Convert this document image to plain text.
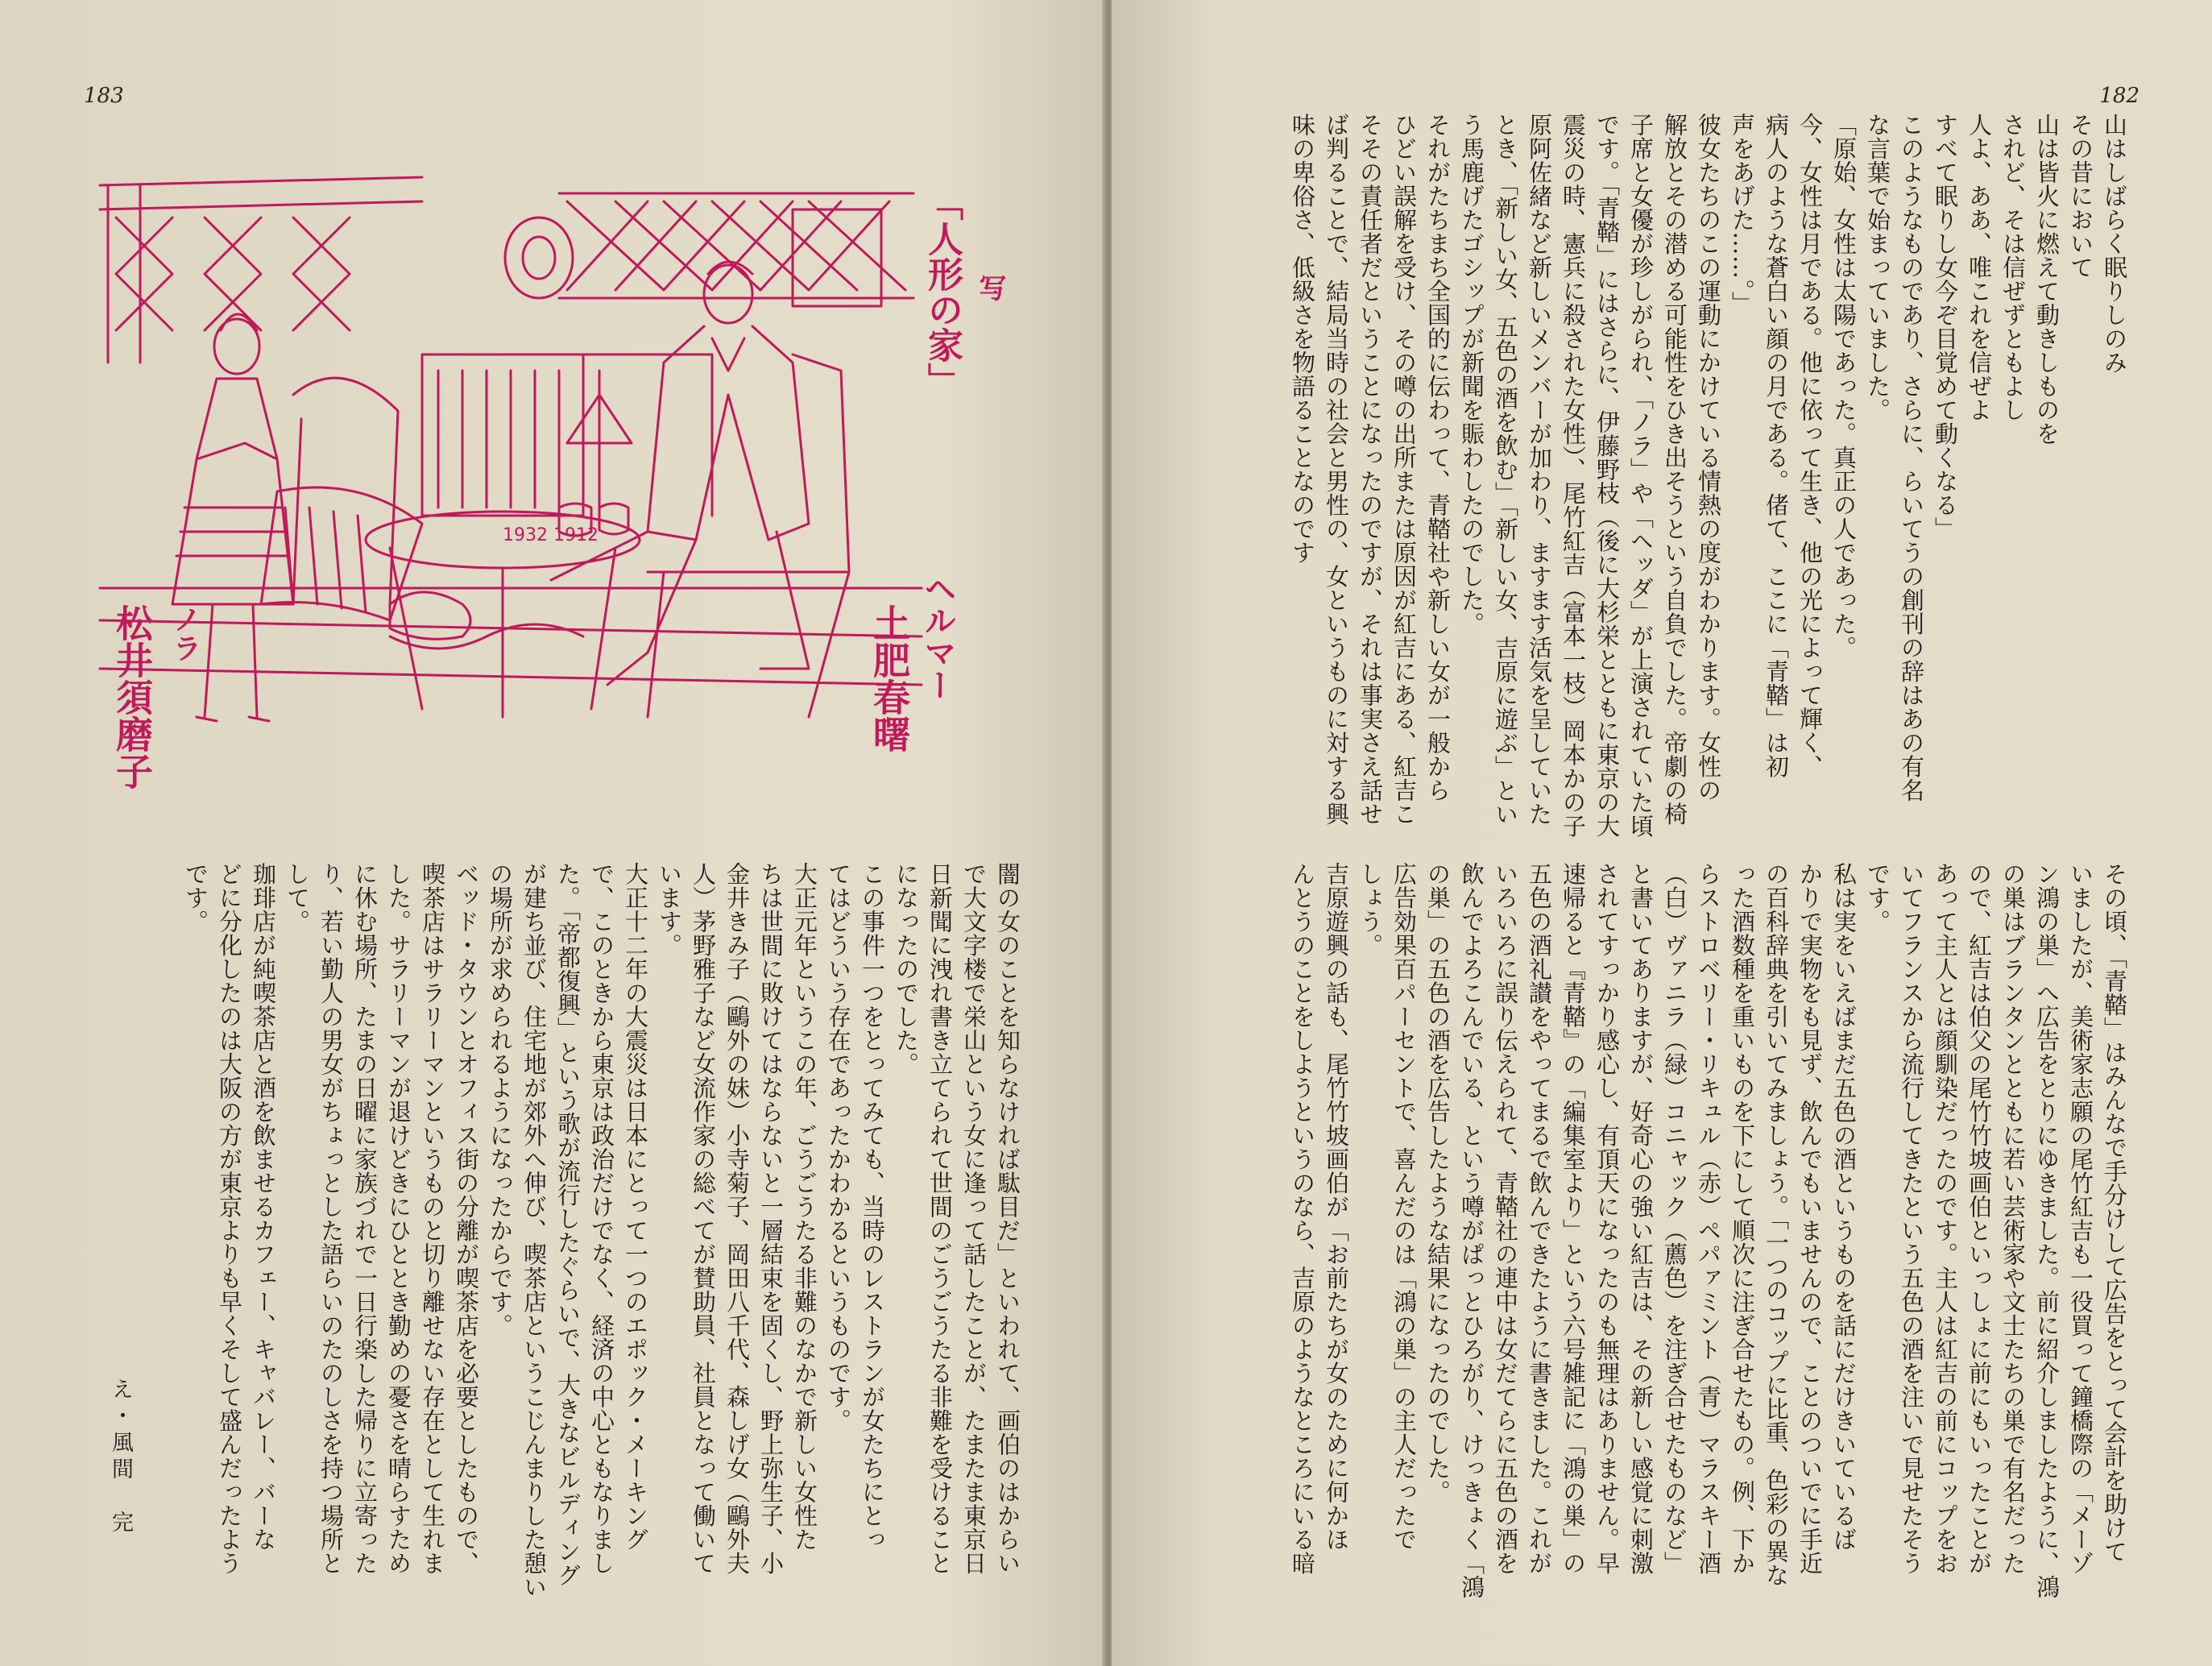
183
「人形の家」 写
ヘルマー
土肥春曙
ノラ
松井須磨子
1932 1912

闇の女のことを知らなければ駄目だ」といわれて、画伯のはからい

で大文字楼で栄山という女に逢って話したことが、たまたま東京日

日新聞に洩れ書き立てられて世間のごうごうたる非難を受けること

になったのでした。

この事件一つをとってみても、当時のレストランが女たちにとっ

てはどういう存在であったかわかるというものです。

大正元年というこの年、ごうごうたる非難のなかで新しい女性た

ちは世間に敗けてはならないと一層結束を固くし、野上弥生子、小

金井きみ子（鷗外の妹）小寺菊子、岡田八千代、森しげ女（鷗外夫

人）茅野雅子など女流作家の総べてが賛助員、社員となって働いて

います。

大正十二年の大震災は日本にとって一つのエポック・メーキング

で、このときから東京は政治だけでなく、経済の中心ともなりまし

た。「帝都復興」という歌が流行したぐらいで、大きなビルディング

が建ち並び、住宅地が郊外へ伸び、喫茶店というこじんまりした憩い

の場所が求められるようになったからです。

ベッド・タウンとオフィス街の分離が喫茶店を必要としたもので、

喫茶店はサラリーマンというものと切り離せない存在として生れま

した。サラリーマンが退けどきにひととき勤めの憂さを晴らすため

に休む場所、たまの日曜に家族づれで一日行楽した帰りに立寄った

り、若い勤人の男女がちょっとした語らいのたのしさを持つ場所と

して。

珈琲店が純喫茶店と酒を飲ませるカフェー、キャバレー、バーな

どに分化したのは大阪の方が東京よりも早くそして盛んだったよう

です。

え・風間　完
182

山はしばらく眠りしのみ

その昔において

山は皆火に燃えて動きしものを

されど、そは信ぜずともよし

人よ、ああ、唯これを信ぜよ

すべて眠りし女今ぞ目覚めて動くなる」

このようなものであり、さらに、らいてうの創刊の辞はあの有名

な言葉で始まっていました。

「原始、女性は太陽であった。真正の人であった。

今、女性は月である。他に依って生き、他の光によって輝く、

病人のような蒼白い顔の月である。偖て、ここに「青鞜」は初

声をあげた……。」

彼女たちのこの運動にかけている情熱の度がわかります。女性の

解放とその潜める可能性をひき出そうという自負でした。帝劇の椅

子席と女優が珍しがられ、「ノラ」や「ヘッダ」が上演されていた頃

です。「青鞜」にはさらに、伊藤野枝（後に大杉栄とともに東京の大

震災の時、憲兵に殺された女性）、尾竹紅吉（富本一枝）岡本かの子

原阿佐緒など新しいメンバーが加わり、ますます活気を呈していた

とき、「新しい女、五色の酒を飲む」「新しい女、吉原に遊ぶ」とい

う馬鹿げたゴシップが新聞を賑わしたのでした。

それがたちまち全国的に伝わって、青鞜社や新しい女が一般から

ひどい誤解を受け、その噂の出所または原因が紅吉にある、紅吉こ

そその責任者だということになったのですが、それは事実さえ話せ

ば判ることで、結局当時の社会と男性の、女というものに対する興

味の卑俗さ、低級さを物語ることなのです

その頃、「青鞜」はみんなで手分けして広告をとって会計を助けて

いましたが、美術家志願の尾竹紅吉も一役買って鐘橋際の「メーゾ

ン鴻の巣」へ広告をとりにゆきました。前に紹介しましたように、鴻

の巣はブランタンとともに若い芸術家や文士たちの巣で有名だった

ので、紅吉は伯父の尾竹竹坡画伯といっしょに前にもいったことが

あって主人とは顔馴染だったのです。主人は紅吉の前にコップをお

いてフランスから流行してきたという五色の酒を注いで見せたそう

です。

私は実をいえばまだ五色の酒というものを話にだけきいているば

かりで実物をも見ず、飲んでもいませんので、ことのついでに手近

の百科辞典を引いてみましょう。「一つのコップに比重、色彩の異な

った酒数種を重いものを下にして順次に注ぎ合せたもの。例、下か

らストロベリー・リキュル（赤）ペパァミント（青）マラスキー酒

（白）ヴァニラ（緑）コニャック（薦色）を注ぎ合せたものなど」

と書いてありますが、好奇心の強い紅吉は、その新しい感覚に刺激

されてすっかり感心し、有頂天になったのも無理はありません。早

速帰ると『青鞜』の「編集室より」という六号雑記に「鴻の巣」の

五色の酒礼讃をやってまるで飲んできたように書きました。これが

いろいろに誤り伝えられて、青鞜社の連中は女だてらに五色の酒を

飲んでよろこんでいる、という噂がぱっとひろがり、けっきょく「鴻

の巣」の五色の酒を広告したような結果になったのでした。

広告効果百パーセントで、喜んだのは「鴻の巣」の主人だったで

しょう。

吉原遊興の話も、尾竹竹坡画伯が「お前たちが女のために何かほ

んとうのことをしようというのなら、吉原のようなところにいる暗
